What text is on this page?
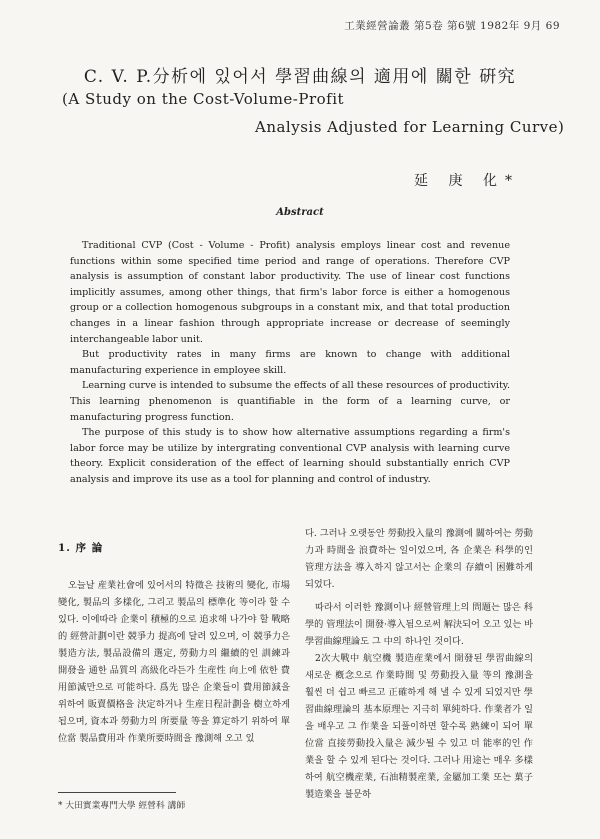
工業經營論叢 第5卷 第6號 1982年 9月 69
C. V. P.分析에 있어서 學習曲線의 適用에 關한 硏究
(A Study on the Cost-Volume-Profit
Analysis Adjusted for Learning Curve)
延 庚 化*
Abstract

Traditional CVP (Cost - Volume - Profit) analysis employs linear cost and revenue functions within some specified time period and range of operations. Therefore CVP analysis is assumption of constant labor productivity. The use of linear cost functions implicitly assumes, among other things, that firm's labor force is either a homogenous group or a collection homogenous subgroups in a constant mix, and that total production changes in a linear fashion through appropriate increase or decrease of seemingly interchangeable labor unit.

But productivity rates in many firms are known to change with additional manufacturing experience in employee skill.

Learning curve is intended to subsume the effects of all these resources of productivity. This learning phenomenon is quantifiable in the form of a learning curve, or manufacturing progress function.

The purpose of this study is to show how alternative assumptions regarding a firm's labor force may be utilize by intergrating conventional CVP analysis with learning curve theory. Explicit consideration of the effect of learning should substantially enrich CVP analysis and improve its use as a tool for planning and control of industry.

1. 序 論

오늘날 産業社會에 있어서의 特徵은 技術의 變化, 市場變化, 製品의 多樣化, 그리고 製品의 標準化 等이라 할 수 있다. 이에따라 企業이 積極的으로 追求해 나가야 할 戰略的 經營計劃이란 競爭力 提高에 달려 있으며, 이 競爭力은 製造方法, 製品設備의 選定, 勞動力의 繼續的인 訓練과 開發을 通한 品質의 高級化라든가 生産性 向上에 依한 費用節減만으로 可能하다. 爲先 많은 企業들이 費用節減을 위하여 販賣價格을 決定하거나 生産日程計劃을 樹立하게 됩으며, 資本과 勞動力의 所要量 等을 算定하기 위하여 單位當 製品費用과 作業所要時間을 豫測해 오고 있

다. 그러나 오랫동안 勞動投入量의 豫測에 關하여는 勞動力과 時間을 浪費하는 일이었으며, 各 企業은 科學的인 管理方法을 導入하지 않고서는 企業의 存續이 困難하게 되었다.

따라서 이러한 豫測이나 經營管理上의 問題는 많은 科學的 管理法이 開發·導入됨으로써 解決되어 오고 있는 바 學習曲線理論도 그 中의 하나인 것이다.

2次大戰中 航空機 製造産業에서 開發된 學習曲線의 새로운 槪念으로 作業時間 및 勞動投入量 等의 豫測을 훨씬 더 쉽고 빠르고 正確하게 해 낼 수 있게 되었지만 學習曲線理論의 基本原理는 지극히 單純하다. 作業者가 일을 배우고 그 作業을 되풀이하면 할수록 熟練이 되어 單位當 直接勞動投入量은 減少될 수 있고 더 能率的인 作業을 할 수 있게 된다는 것이다. 그러나 用途는 매우 多樣하여 航空機産業, 石油精製産業, 金屬加工業 또는 菓子製造業을 불문하

* 大田實業專門大學 經營科 講師
